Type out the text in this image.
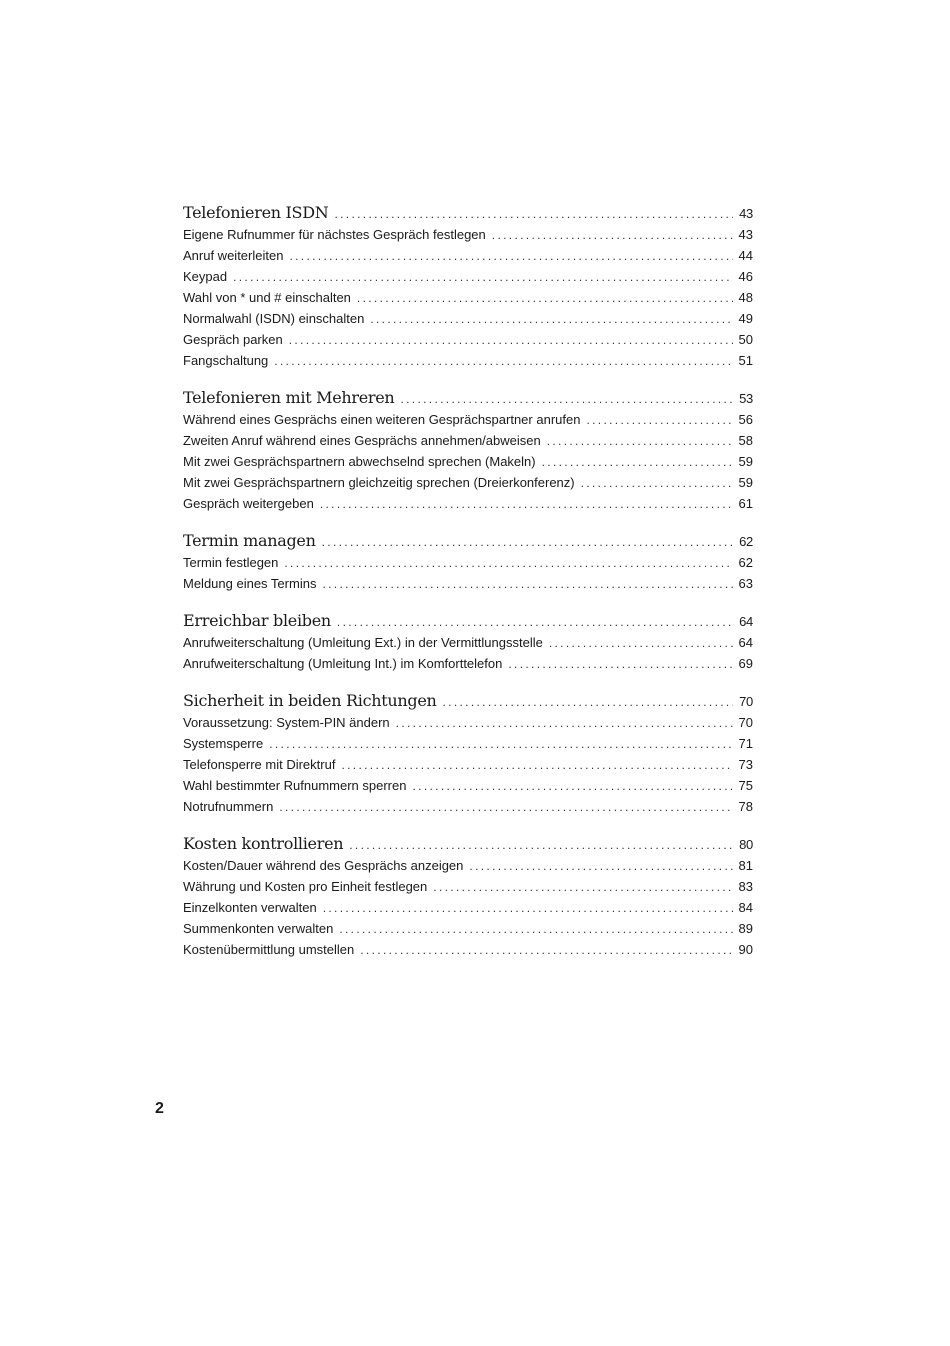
Telefonieren ISDN . . .	43
Eigene Rufnummer für nächstes Gespräch festlegen . . .	43
Anruf weiterleiten . . .	44
Keypad . . .	46
Wahl von * und # einschalten . . .	48
Normalwahl (ISDN) einschalten . . .	49
Gespräch parken . . .	50
Fangschaltung . . .	51
Telefonieren mit Mehreren . . .	53
Während eines Gesprächs einen weiteren Gesprächspartner anrufen . . .	56
Zweiten Anruf während eines Gesprächs annehmen/abweisen . . .	58
Mit zwei Gesprächspartnern abwechselnd sprechen (Makeln) . . .	59
Mit zwei Gesprächspartnern gleichzeitig sprechen (Dreierkonferenz) . . .	59
Gespräch weitergeben . . .	61
Termin managen . . .	62
Termin festlegen . . .	62
Meldung eines Termins . . .	63
Erreichbar bleiben . . .	64
Anrufweiterschaltung (Umleitung Ext.) in der Vermittlungsstelle . . .	64
Anrufweiterschaltung (Umleitung Int.) im Komforttelefon . . .	69
Sicherheit in beiden Richtungen . . .	70
Voraussetzung: System-PIN ändern . . .	70
Systemsperre . . .	71
Telefonsperre mit Direktruf . . .	73
Wahl bestimmter Rufnummern sperren . . .	75
Notrufnummern . . .	78
Kosten kontrollieren . . .	80
Kosten/Dauer während des Gesprächs anzeigen . . .	81
Währung und Kosten pro Einheit festlegen . . .	83
Einzelkonten verwalten . . .	84
Summenkonten verwalten . . .	89
Kostenübermittlung umstellen . . .	90
2
